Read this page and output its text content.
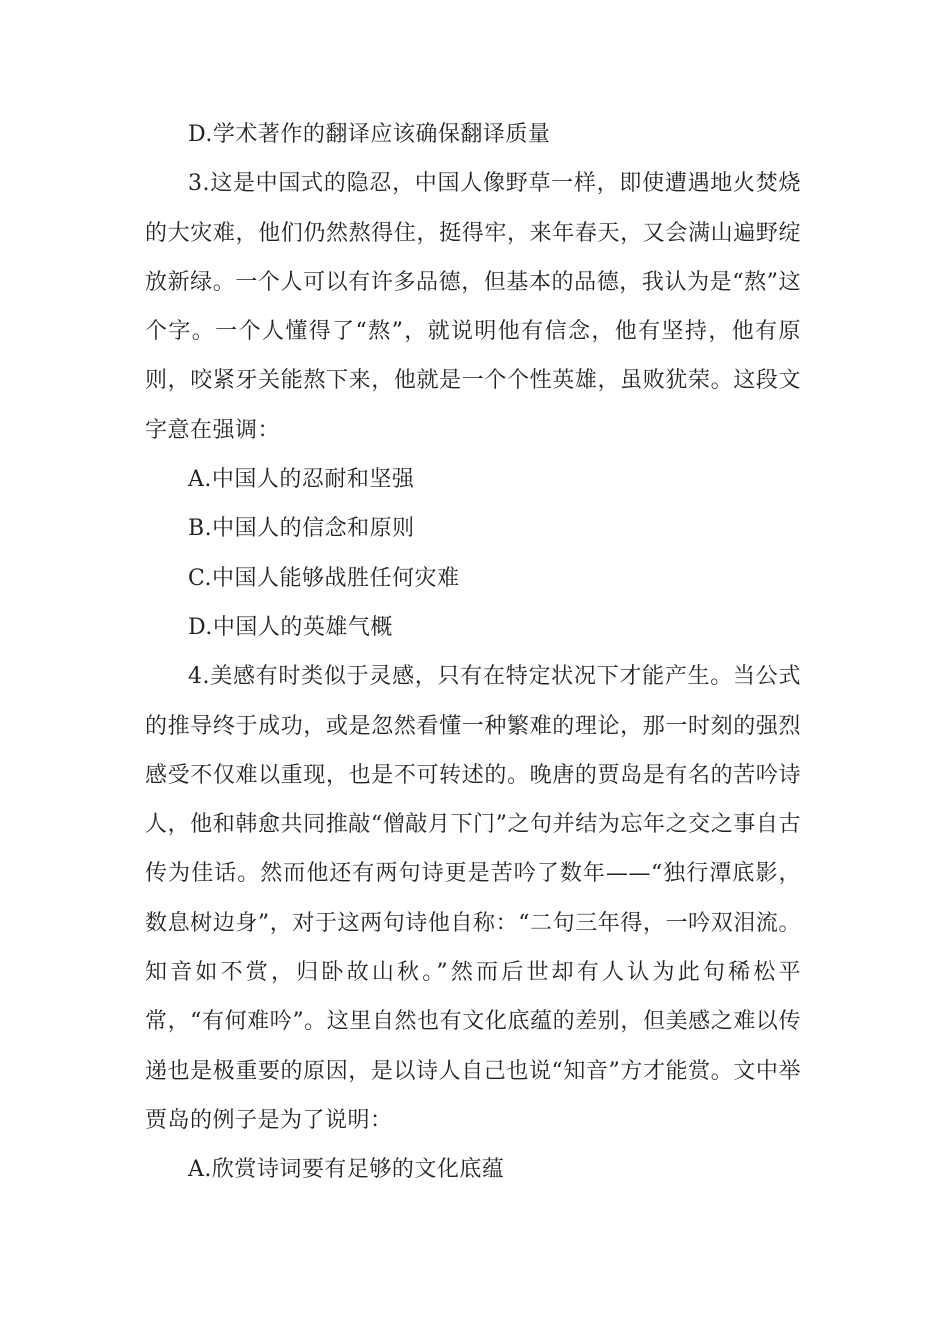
D.学术著作的翻译应该确保翻译质量

3.这是中国式的隐忍，中国人像野草一样，即使遭遇地火焚烧的大灾难，他们仍然熬得住，挺得牢，来年春天，又会满山遍野绽放新绿。一个人可以有许多品德，但基本的品德，我认为是“熬”这个字。一个人懂得了“熬”，就说明他有信念，他有坚持，他有原则，咬紧牙关能熬下来，他就是一个个性英雄，虽败犹荣。这段文字意在强调：

A.中国人的忍耐和坚强

B.中国人的信念和原则

C.中国人能够战胜任何灾难

D.中国人的英雄气概

4.美感有时类似于灵感，只有在特定状况下才能产生。当公式的推导终于成功，或是忽然看懂一种繁难的理论，那一时刻的强烈感受不仅难以重现，也是不可转述的。晚唐的贾岛是有名的苦吟诗人，他和韩愈共同推敲“僧敲月下门”之句并结为忘年之交之事自古传为佳话。然而他还有两句诗更是苦吟了数年——“独行潭底影，数息树边身”，对于这两句诗他自称：“二句三年得，一吟双泪流。知音如不赏，归卧故山秋。”然而后世却有人认为此句稀松平常，“有何难吟”。这里自然也有文化底蕴的差别，但美感之难以传递也是极重要的原因，是以诗人自己也说“知音”方才能赏。文中举贾岛的例子是为了说明：

A.欣赏诗词要有足够的文化底蕴
